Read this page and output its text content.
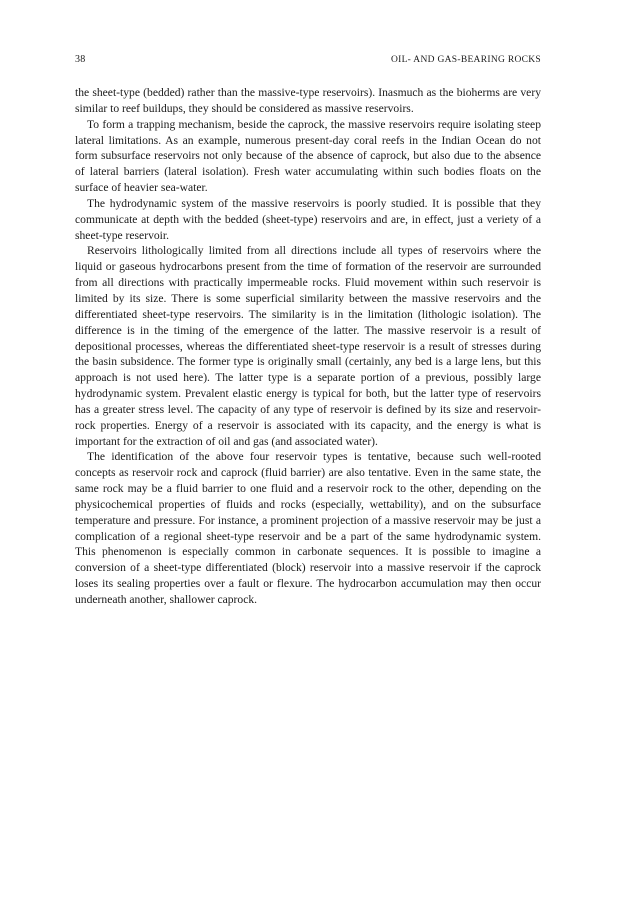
38	OIL- AND GAS-BEARING ROCKS

the sheet-type (bedded) rather than the massive-type reservoirs). Inasmuch as the bioherms are very similar to reef buildups, they should be considered as massive reservoirs.

To form a trapping mechanism, beside the caprock, the massive reservoirs require isolating steep lateral limitations. As an example, numerous present-day coral reefs in the Indian Ocean do not form subsurface reservoirs not only because of the absence of caprock, but also due to the absence of lateral barriers (lateral isolation). Fresh water accumulating within such bodies floats on the surface of heavier sea-water.

The hydrodynamic system of the massive reservoirs is poorly studied. It is possible that they communicate at depth with the bedded (sheet-type) reservoirs and are, in effect, just a veriety of a sheet-type reservoir.

Reservoirs lithologically limited from all directions include all types of reservoirs where the liquid or gaseous hydrocarbons present from the time of formation of the reservoir are surrounded from all directions with practically impermeable rocks. Fluid movement within such reservoir is limited by its size. There is some superficial similarity between the massive reservoirs and the differentiated sheet-type reservoirs. The similarity is in the limitation (lithologic isolation). The difference is in the timing of the emergence of the latter. The massive reservoir is a result of depositional processes, whereas the differentiated sheet-type reservoir is a result of stresses during the basin subsidence. The former type is originally small (certainly, any bed is a large lens, but this approach is not used here). The latter type is a separate portion of a previous, possibly large hydrodynamic system. Prevalent elastic energy is typical for both, but the latter type of reservoirs has a greater stress level. The capacity of any type of reservoir is defined by its size and reservoir-rock properties. Energy of a reservoir is associated with its capacity, and the energy is what is important for the extraction of oil and gas (and associated water).

The identification of the above four reservoir types is tentative, because such well-rooted concepts as reservoir rock and caprock (fluid barrier) are also tentative. Even in the same state, the same rock may be a fluid barrier to one fluid and a reservoir rock to the other, depending on the physicochemical properties of fluids and rocks (especially, wettability), and on the subsurface temperature and pressure. For instance, a prominent projection of a massive reservoir may be just a complication of a regional sheet-type reservoir and be a part of the same hydrodynamic system. This phenomenon is especially common in carbonate sequences. It is possible to imagine a conversion of a sheet-type differentiated (block) reservoir into a massive reservoir if the caprock loses its sealing properties over a fault or flexure. The hydrocarbon accumulation may then occur underneath another, shallower caprock.
